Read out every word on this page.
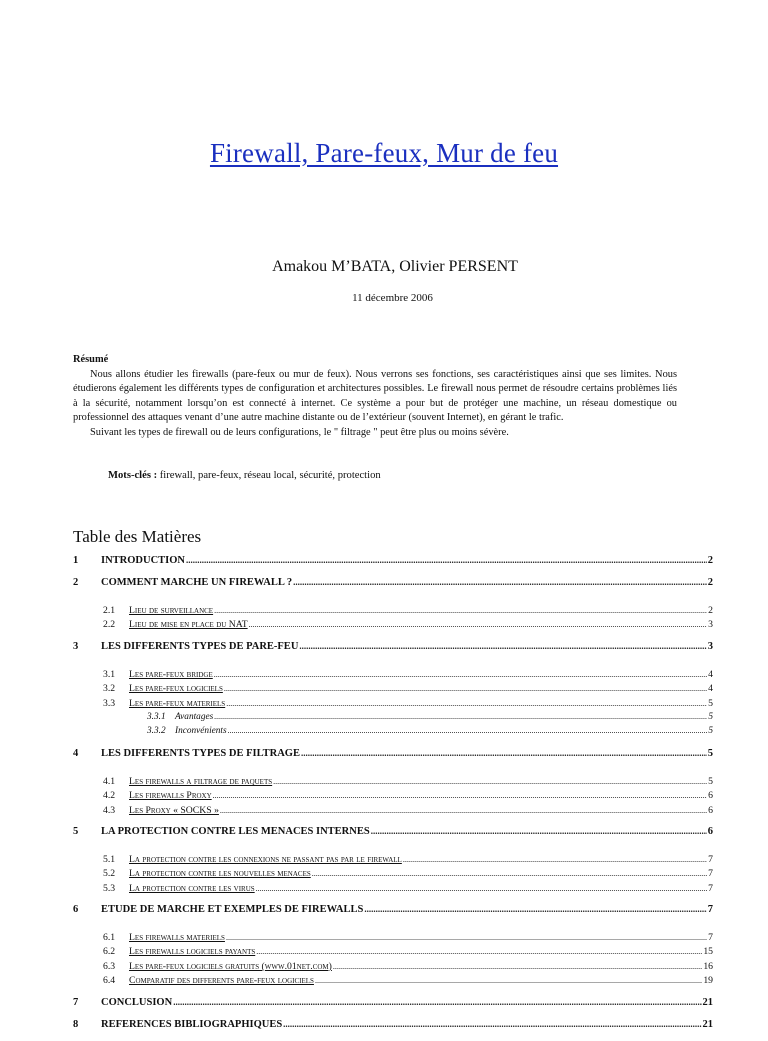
Firewall, Pare-feux, Mur de feu
Amakou M’BATA, Olivier PERSENT
11 décembre 2006
Résumé

Nous allons étudier les firewalls (pare-feux ou mur de feux). Nous verrons ses fonctions, ses caractéristiques ainsi que ses limites. Nous étudierons également les différents types de configuration et architectures possibles. Le firewall nous permet de résoudre certains problèmes liés à la sécurité, notamment lorsqu’on est connecté à internet. Ce système a pour but de protéger une machine, un réseau domestique ou professionnel des attaques venant d’une autre machine distante ou de l’extérieur (souvent Internet), en gérant le trafic.

Suivant les types de firewall ou de leurs configurations, le " filtrage " peut être plus ou moins sévère.

Mots-clés : firewall, pare-feux, réseau local, sécurité, protection
Table des Matières
1	INTRODUCTION .....	2
2	COMMENT MARCHE UN FIREWALL ? .....	2
2.1	Lieu de surveillance .....	2
2.2	Lieu de mise en place du NAT .....	3
3	LES DIFFERENTS TYPES DE PARE-FEU .....	3
3.1	Les pare-feux bridge .....	4
3.2	Les pare-feux logiciels .....	4
3.3	Les pare-feux materiels .....	5
3.3.1	Avantages .....	5
3.3.2	Inconvénients .....	5
4	LES DIFFERENTS TYPES DE FILTRAGE .....	5
4.1	Les firewalls a filtrage de paquets .....	5
4.2	Les firewalls Proxy .....	6
4.3	Les Proxy « SOCKS » .....	6
5	LA PROTECTION CONTRE LES MENACES INTERNES .....	6
5.1	La protection contre les connexions ne passant pas par le firewall .....	7
5.2	La protection contre les nouvelles menaces .....	7
5.3	La protection contre les virus .....	7
6	ETUDE DE MARCHE ET EXEMPLES DE FIREWALLS .....	7
6.1	Les firewalls materiels .....	7
6.2	Les firewalls logiciels payants .....	15
6.3	Les pare-feux logiciels gratuits (www.01net.com) .....	16
6.4	Comparatif des differents pare-feux logiciels .....	19
7	CONCLUSION .....	21
8	REFERENCES BIBLIOGRAPHIQUES .....	21
